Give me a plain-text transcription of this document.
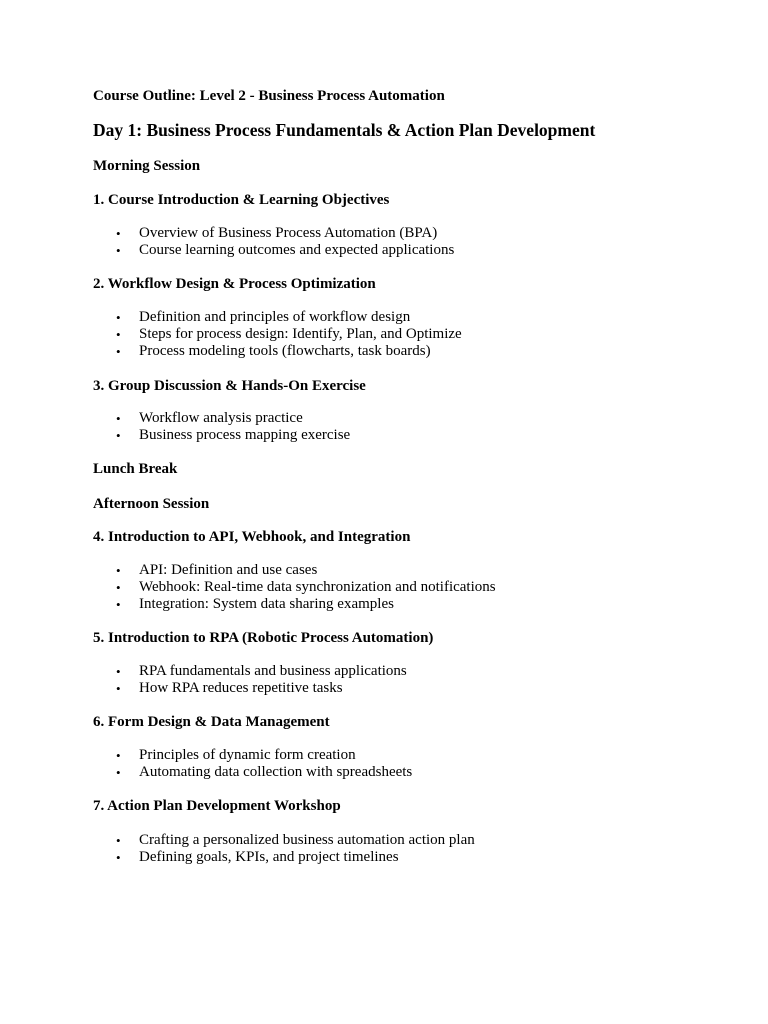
Course Outline: Level 2 - Business Process Automation

Day 1: Business Process Fundamentals & Action Plan Development

Morning Session

1. Course Introduction & Learning Objectives

• Overview of Business Process Automation (BPA)
• Course learning outcomes and expected applications

2. Workflow Design & Process Optimization

• Definition and principles of workflow design
• Steps for process design: Identify, Plan, and Optimize
• Process modeling tools (flowcharts, task boards)

3. Group Discussion & Hands-On Exercise

• Workflow analysis practice
• Business process mapping exercise

Lunch Break

Afternoon Session

4. Introduction to API, Webhook, and Integration

• API: Definition and use cases
• Webhook: Real-time data synchronization and notifications
• Integration: System data sharing examples

5. Introduction to RPA (Robotic Process Automation)

• RPA fundamentals and business applications
• How RPA reduces repetitive tasks

6. Form Design & Data Management

• Principles of dynamic form creation
• Automating data collection with spreadsheets

7. Action Plan Development Workshop

• Crafting a personalized business automation action plan
• Defining goals, KPIs, and project timelines
